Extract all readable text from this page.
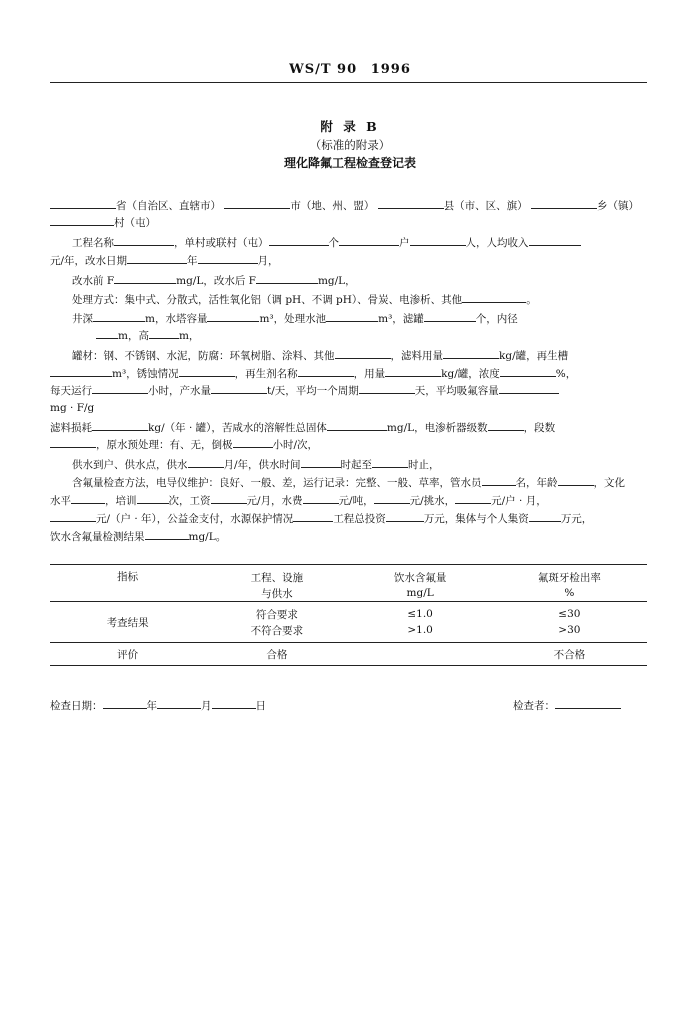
WS/T 90 1996
附 录 B
（标准的附录）
理化降氟工程检查登记表
省（自治区、直辖市）	市（地、州、盟）	县（市、区、旗）	乡（镇）
村（屯）
工程名称	，单村或联村（屯）	个	户	人，人均收入
元/年，改水日期	年	月，
改水前 F	mg/L，改水后 F	mg/L，
处理方式：集中式、分散式，活性氧化铝（调 pH、不调 pH）、骨炭、电渗析、其他	。
井深	m，水塔容量	m³，处理水池	m³，滤罐	个，内径
m，高	m，
罐材：钢、不锈钢、水泥，防腐：环氧树脂、涂料、其他	，滤料用量	kg/罐，再生槽
m³，锈蚀情况	，再生剂名称	，用量	kg/罐，浓度	%，
每天运行	小时，产水量	t/天，平均一个周期	天，平均吸氟容量
mg · F/g
滤料损耗	kg/（年 · 罐），苦咸水的溶解性总固体	mg/L，电渗析器级数	，段数
，原水预处理：有、无，倒极	小时/次，
供水到户、供水点，供水	月/年，供水时间	时起至	时止，
含氟量检查方法，电导仪维护：良好、一般、差，运行记录：完整、一般、草率，管水员	名，年龄	，文化
水平	，培训	次，工资	元/月，水费	元/吨，	元/挑水，	元/户 · 月，
元/（户 · 年），公益金支付，水源保护情况	工程总投资	万元，集体与个人集资	万元，
饮水含氟量检测结果	mg/L。
指标	工程、设施	饮水含氟量	氟斑牙检出率
	与供水	mg/L	%
考查结果	符合要求	≤1.0	≤30
	不符合要求	>1.0	>30
评价	合格		不合格
检查日期：	年	月	日	检查者：
